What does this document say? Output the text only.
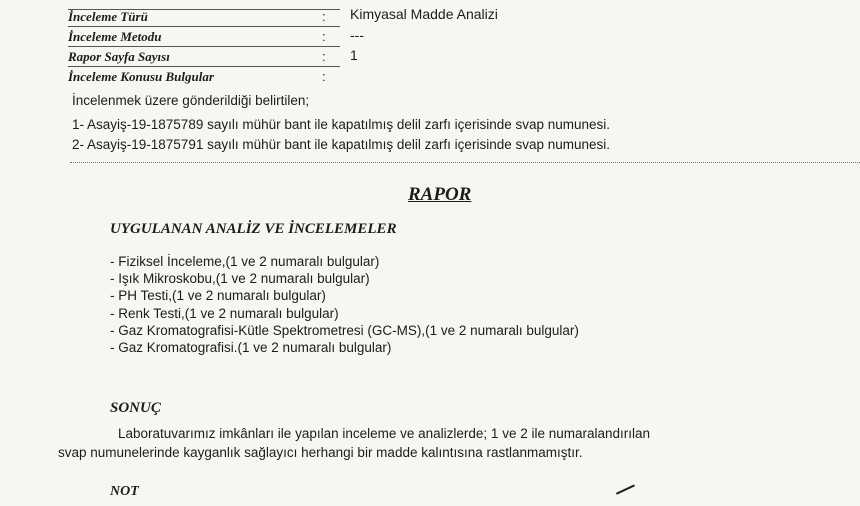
İnceleme Türü	: Kimyasal Madde Analizi
İnceleme Metodu	: ---
Rapor Sayfa Sayısı	: 1
İnceleme Konusu Bulgular	:
İncelenmek üzere gönderildiği belirtilen;
1- Asayiş-19-1875789 sayılı mühür bant ile kapatılmış delil zarfı içerisinde svap numunesi.
2- Asayiş-19-1875791 sayılı mühür bant ile kapatılmış delil zarfı içerisinde svap numunesi.
RAPOR
UYGULANAN ANALİZ VE İNCELEMELER
- Fiziksel İnceleme,(1 ve 2 numaralı bulgular)
- Işık Mikroskobu,(1 ve 2 numaralı bulgular)
- PH Testi,(1 ve 2 numaralı bulgular)
- Renk Testi,(1 ve 2 numaralı bulgular)
- Gaz Kromatografisi-Kütle Spektrometresi (GC-MS),(1 ve 2 numaralı bulgular)
- Gaz Kromatografisi.(1 ve 2 numaralı bulgular)
SONUÇ
Laboratuvarımız imkânları ile yapılan inceleme ve analizlerde; 1 ve 2 ile numaralandırılan
svap numunelerinde kayganlık sağlayıcı herhangi bir madde kalıntısına rastlanmamıştır.
NOT
